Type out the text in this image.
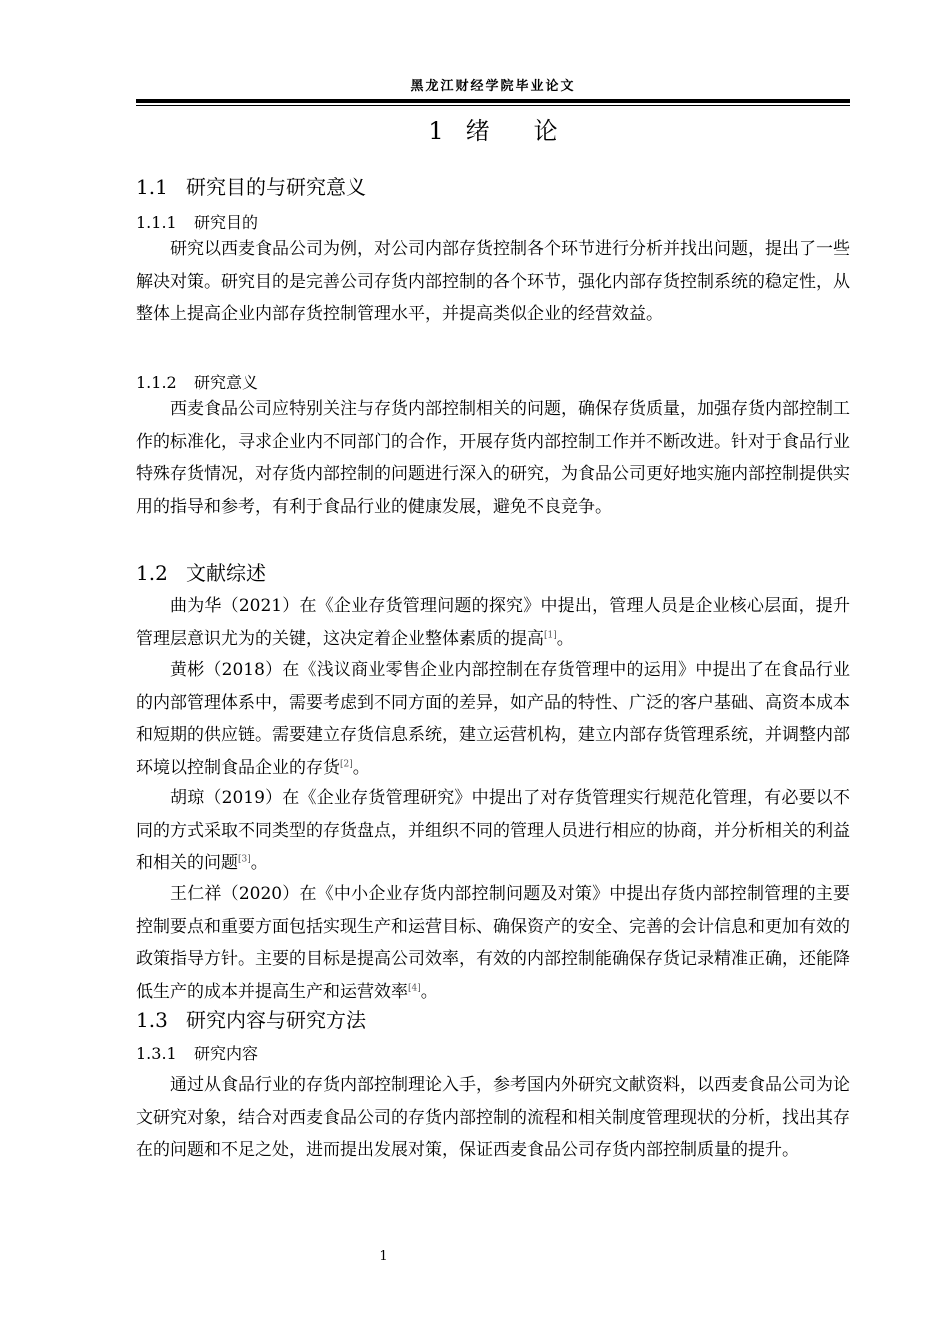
黑龙江财经学院毕业论文
1 绪 论
1.1 研究目的与研究意义
1.1.1 研究目的

研究以西麦食品公司为例，对公司内部存货控制各个环节进行分析并找出问题，提出了一些解决对策。研究目的是完善公司存货内部控制的各个环节，强化内部存货控制系统的稳定性，从整体上提高企业内部存货控制管理水平，并提高类似企业的经营效益。

1.1.2 研究意义

西麦食品公司应特别关注与存货内部控制相关的问题，确保存货质量，加强存货内部控制工作的标准化，寻求企业内不同部门的合作，开展存货内部控制工作并不断改进。针对于食品行业特殊存货情况，对存货内部控制的问题进行深入的研究，为食品公司更好地实施内部控制提供实用的指导和参考，有利于食品行业的健康发展，避免不良竞争。

1.2 文献综述

曲为华（2021）在《企业存货管理问题的探究》中提出，管理人员是企业核心层面，提升管理层意识尤为的关键，这决定着企业整体素质的提高[1]。

黄彬（2018）在《浅议商业零售企业内部控制在存货管理中的运用》中提出了在食品行业的内部管理体系中，需要考虑到不同方面的差异，如产品的特性、广泛的客户基础、高资本成本和短期的供应链。需要建立存货信息系统，建立运营机构，建立内部存货管理系统，并调整内部环境以控制食品企业的存货[2]。

胡琼（2019）在《企业存货管理研究》中提出了对存货管理实行规范化管理，有必要以不同的方式采取不同类型的存货盘点，并组织不同的管理人员进行相应的协商，并分析相关的利益和相关的问题[3]。

王仁祥（2020）在《中小企业存货内部控制问题及对策》中提出存货内部控制管理的主要控制要点和重要方面包括实现生产和运营目标、确保资产的安全、完善的会计信息和更加有效的政策指导方针。主要的目标是提高公司效率，有效的内部控制能确保存货记录精准正确，还能降低生产的成本并提高生产和运营效率[4]。

1.3 研究内容与研究方法
1.3.1 研究内容

通过从食品行业的存货内部控制理论入手，参考国内外研究文献资料，以西麦食品公司为论文研究对象，结合对西麦食品公司的存货内部控制的流程和相关制度管理现状的分析，找出其存在的问题和不足之处，进而提出发展对策，保证西麦食品公司存货内部控制质量的提升。

1
